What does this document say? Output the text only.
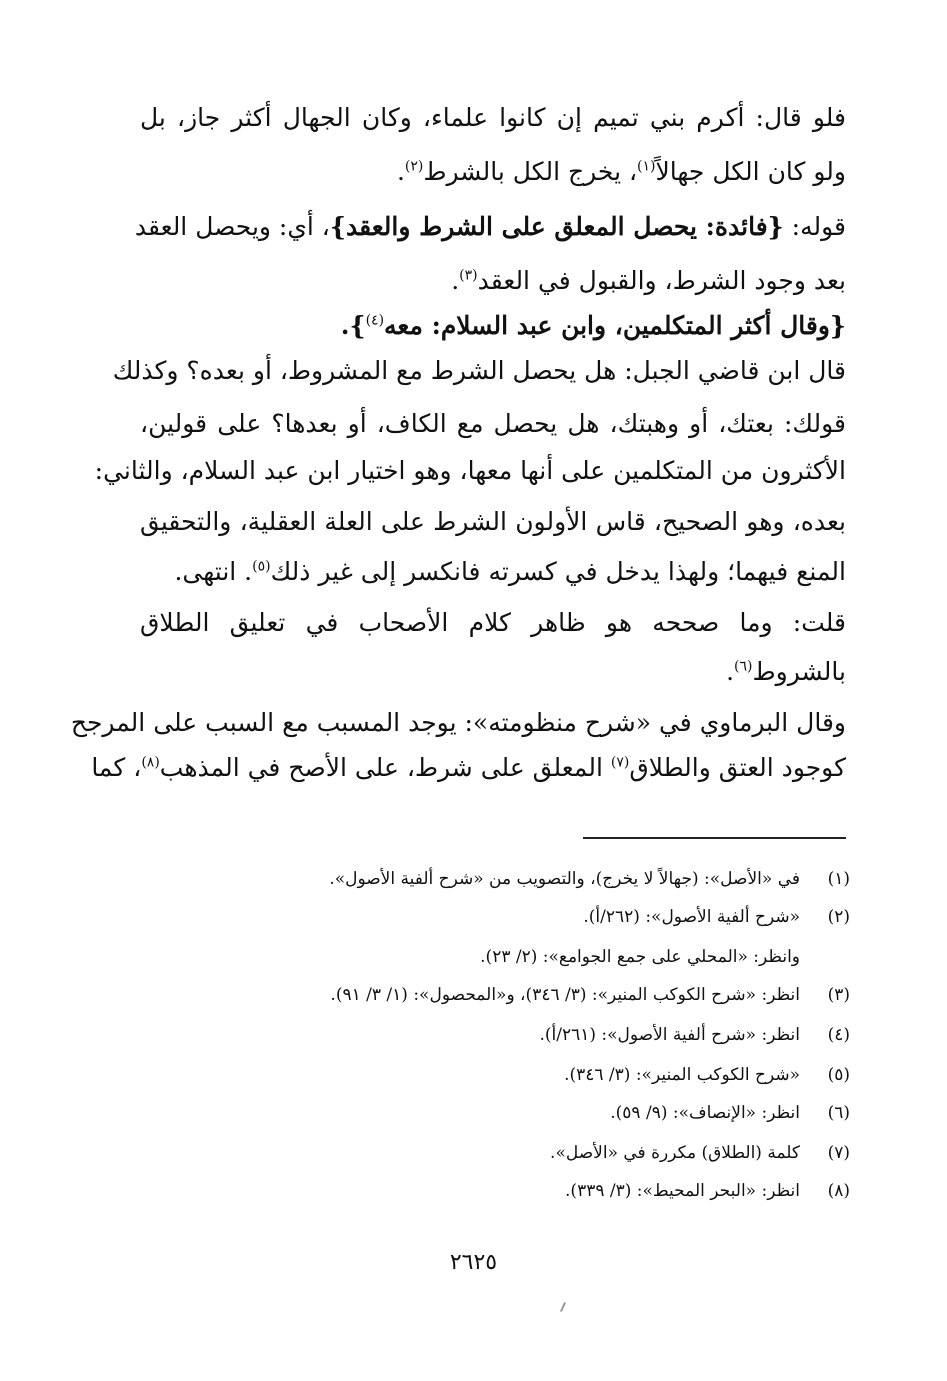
فلو قال: أكرم بني تميم إن كانوا علماء، وكان الجهال أكثر جاز، بل
ولو كان الكل جهالاً$^{(١)}$، يخرج الكل بالشرط$^{(٢)}$.
قوله: {فائدة: يحصل المعلق على الشرط والعقد}، أي: ويحصل العقد
بعد وجود الشرط، والقبول في العقد$^{(٣)}$.
{وقال أكثر المتكلمين، وابن عبد السلام: معه$^{(٤)}$}.
قال ابن قاضي الجبل: هل يحصل الشرط مع المشروط، أو بعده؟ وكذلك
قولك: بعتك، أو وهبتك، هل يحصل مع الكاف، أو بعدها؟ على قولين،
الأكثرون من المتكلمين على أنها معها، وهو اختيار ابن عبد السلام، والثاني:
بعده، وهو الصحيح، قاس الأولون الشرط على العلة العقلية، والتحقيق
المنع فيهما؛ ولهذا يدخل في كسرته فانكسر إلى غير ذلك$^{(٥)}$. انتهى.
قلت: وما صححه هو ظاهر كلام الأصحاب في تعليق الطلاق
بالشروط$^{(٦)}$.
وقال البرماوي في «شرح منظومته»: يوجد المسبب مع السبب على المرجح
كوجود العتق والطلاق$^{(٧)}$ المعلق على شرط، على الأصح في المذهب$^{(٨)}$، كما
(١)في «الأصل»: (جهالاً لا يخرج)، والتصويب من «شرح ألفية الأصول».
(٢)«شرح ألفية الأصول»: (٢٦٢/أ).
وانظر: «المحلي على جمع الجوامع»: (٢/ ٢٣).
(٣)انظر: «شرح الكوكب المنير»: (٣/ ٣٤٦)، و«المحصول»: (١/ ٣/ ٩١).
(٤)انظر: «شرح ألفية الأصول»: (٢٦١/أ).
(٥)«شرح الكوكب المنير»: (٣/ ٣٤٦).
(٦)انظر: «الإنصاف»: (٩/ ٥٩).
(٧)كلمة (الطلاق) مكررة في «الأصل».
(٨)انظر: «البحر المحيط»: (٣/ ٣٣٩).
٢٦٢٥
